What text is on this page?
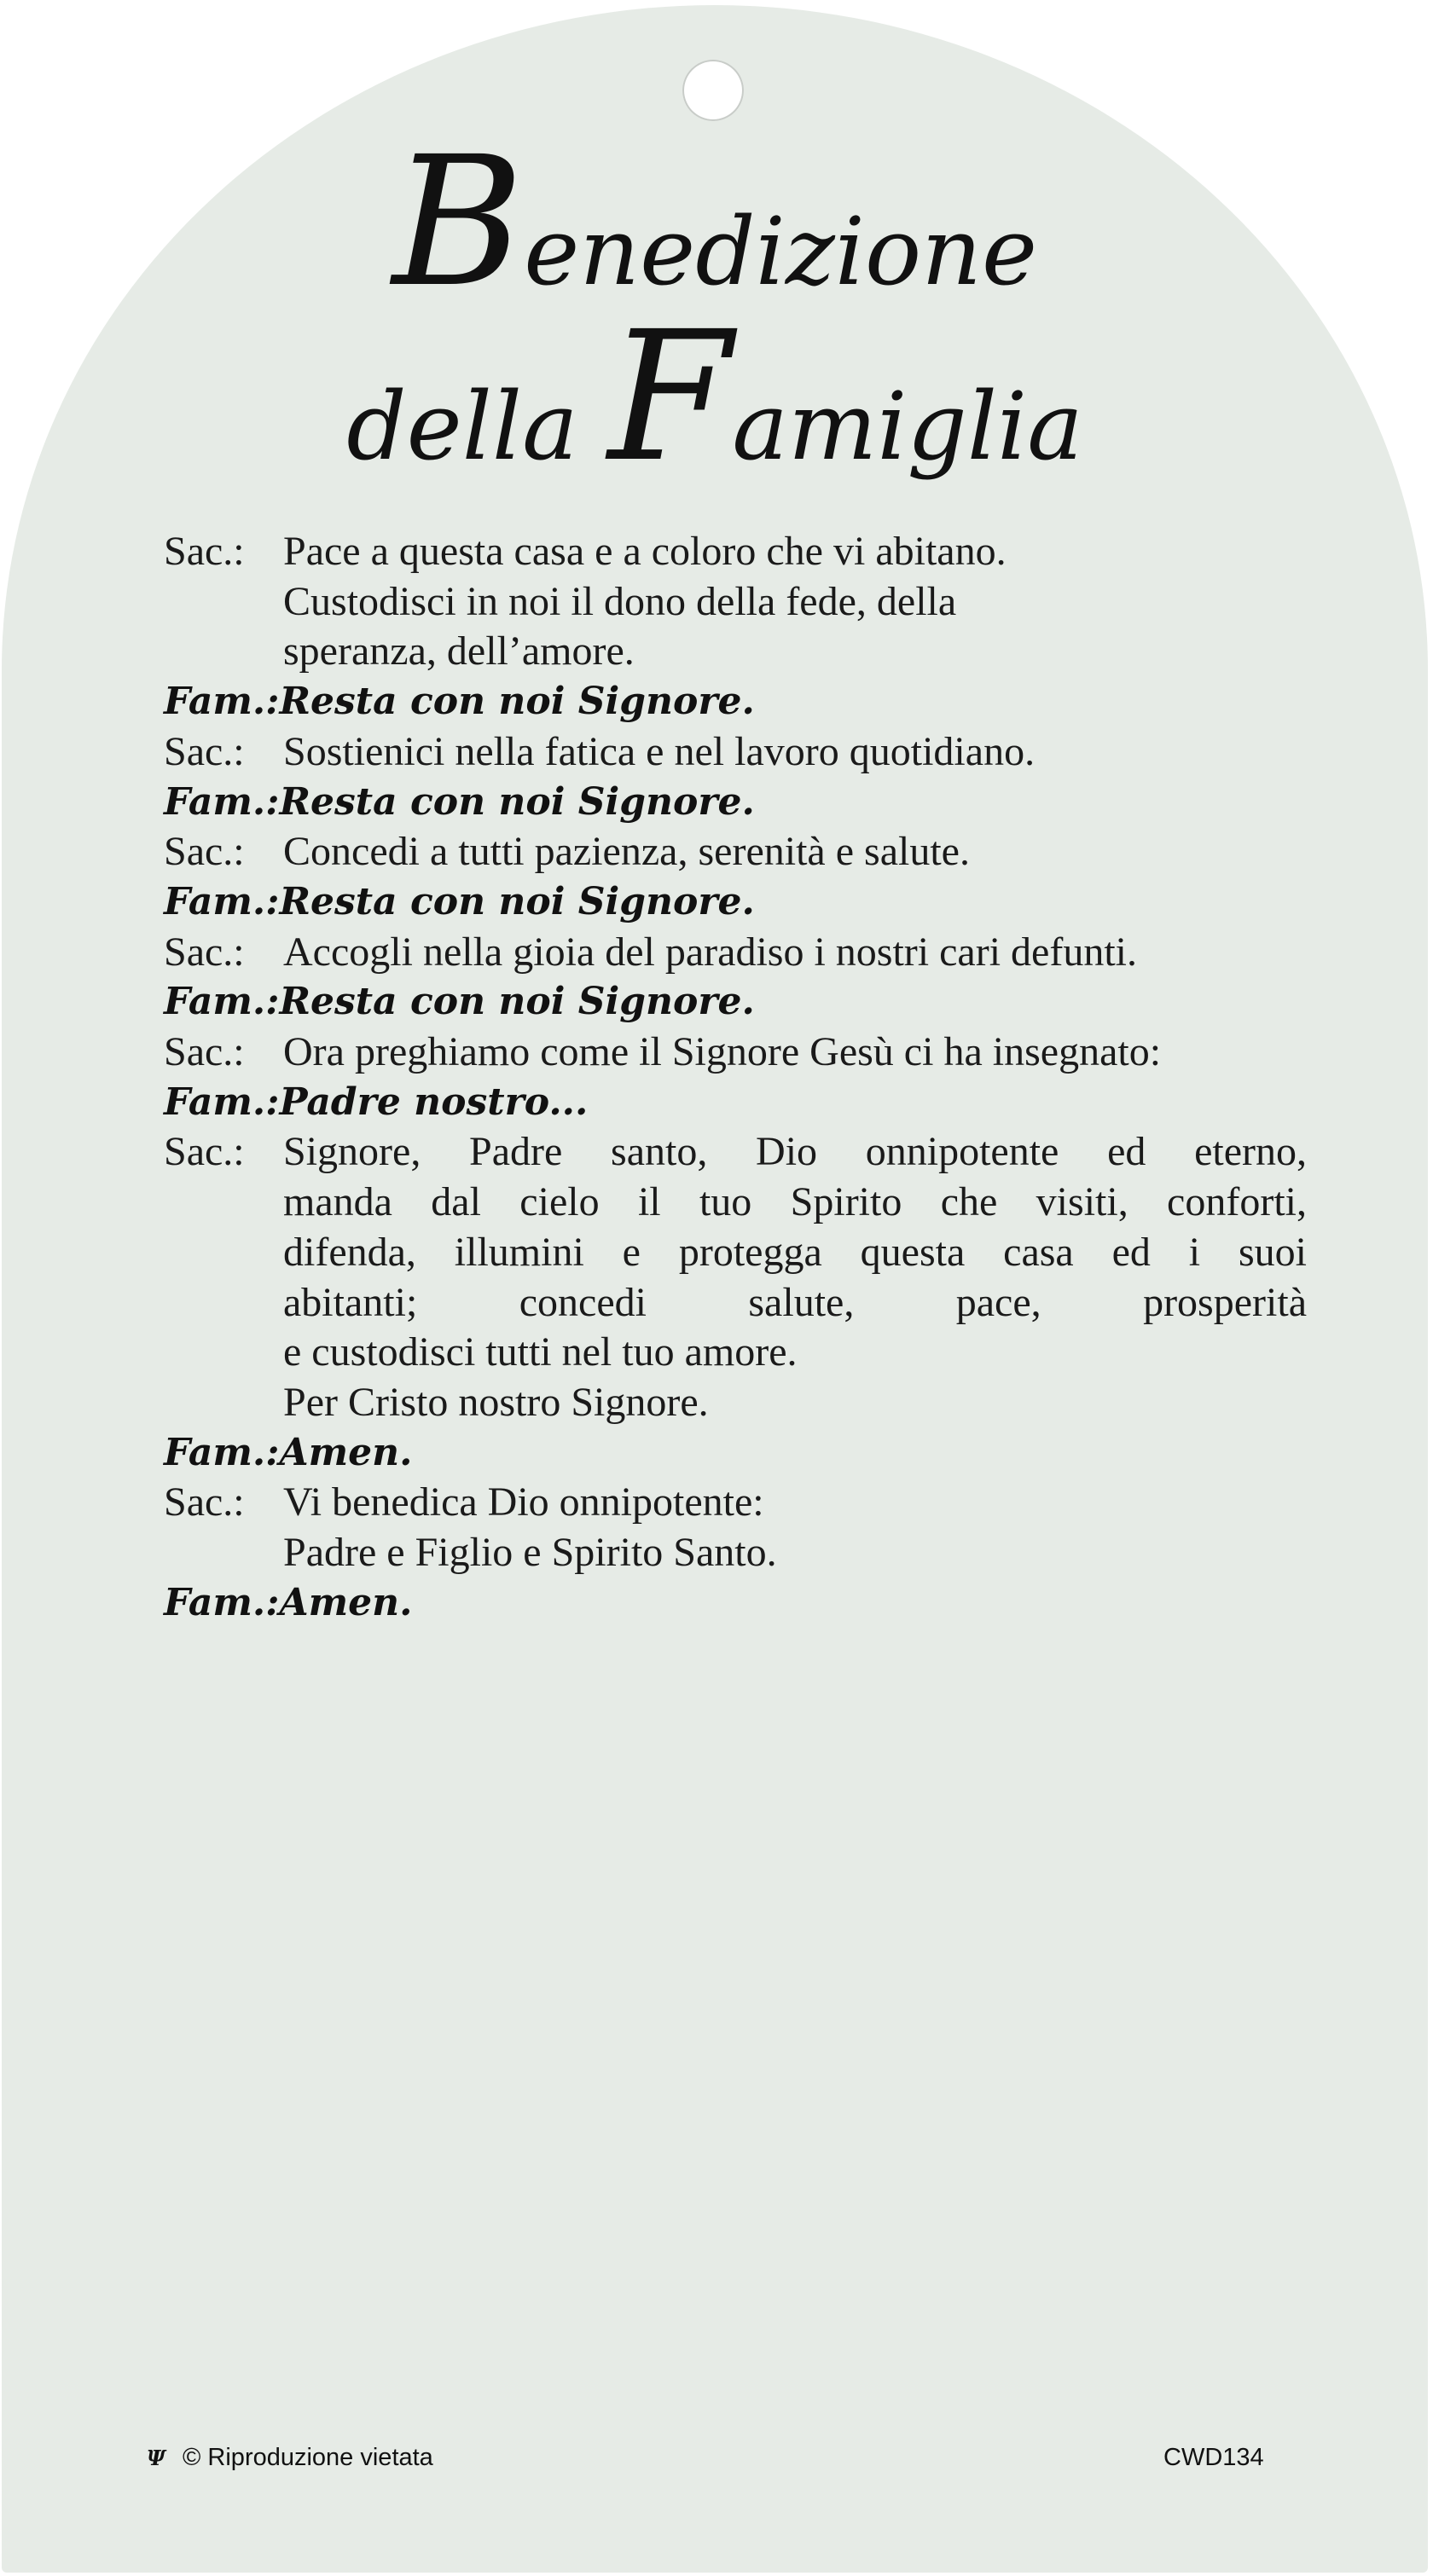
Benedizione
della Famiglia
Sac.: Pace a questa casa e a coloro che vi abitano.
Custodisci in noi il dono della fede, della
speranza, dell’amore.
Fam.: Resta con noi Signore.
Sac.: Sostienici nella fatica e nel lavoro quotidiano.
Fam.: Resta con noi Signore.
Sac.: Concedi a tutti pazienza, serenità e salute.
Fam.: Resta con noi Signore.
Sac.: Accogli nella gioia del paradiso i nostri cari defunti.
Fam.: Resta con noi Signore.
Sac.: Ora preghiamo come il Signore Gesù ci ha insegnato:
Fam.: Padre nostro...
Sac.: Signore, Padre santo, Dio onnipotente ed eterno,
manda dal cielo il tuo Spirito che visiti, conforti,
difenda, illumini e protegga questa casa ed i suoi
abitanti; concedi salute, pace, prosperità
e custodisci tutti nel tuo amore.
Per Cristo nostro Signore.
Fam.: Amen.
Sac.: Vi benedica Dio onnipotente:
Padre e Figlio e Spirito Santo.
Fam.: Amen.
Ψ © Riproduzione vietata	CWD134
